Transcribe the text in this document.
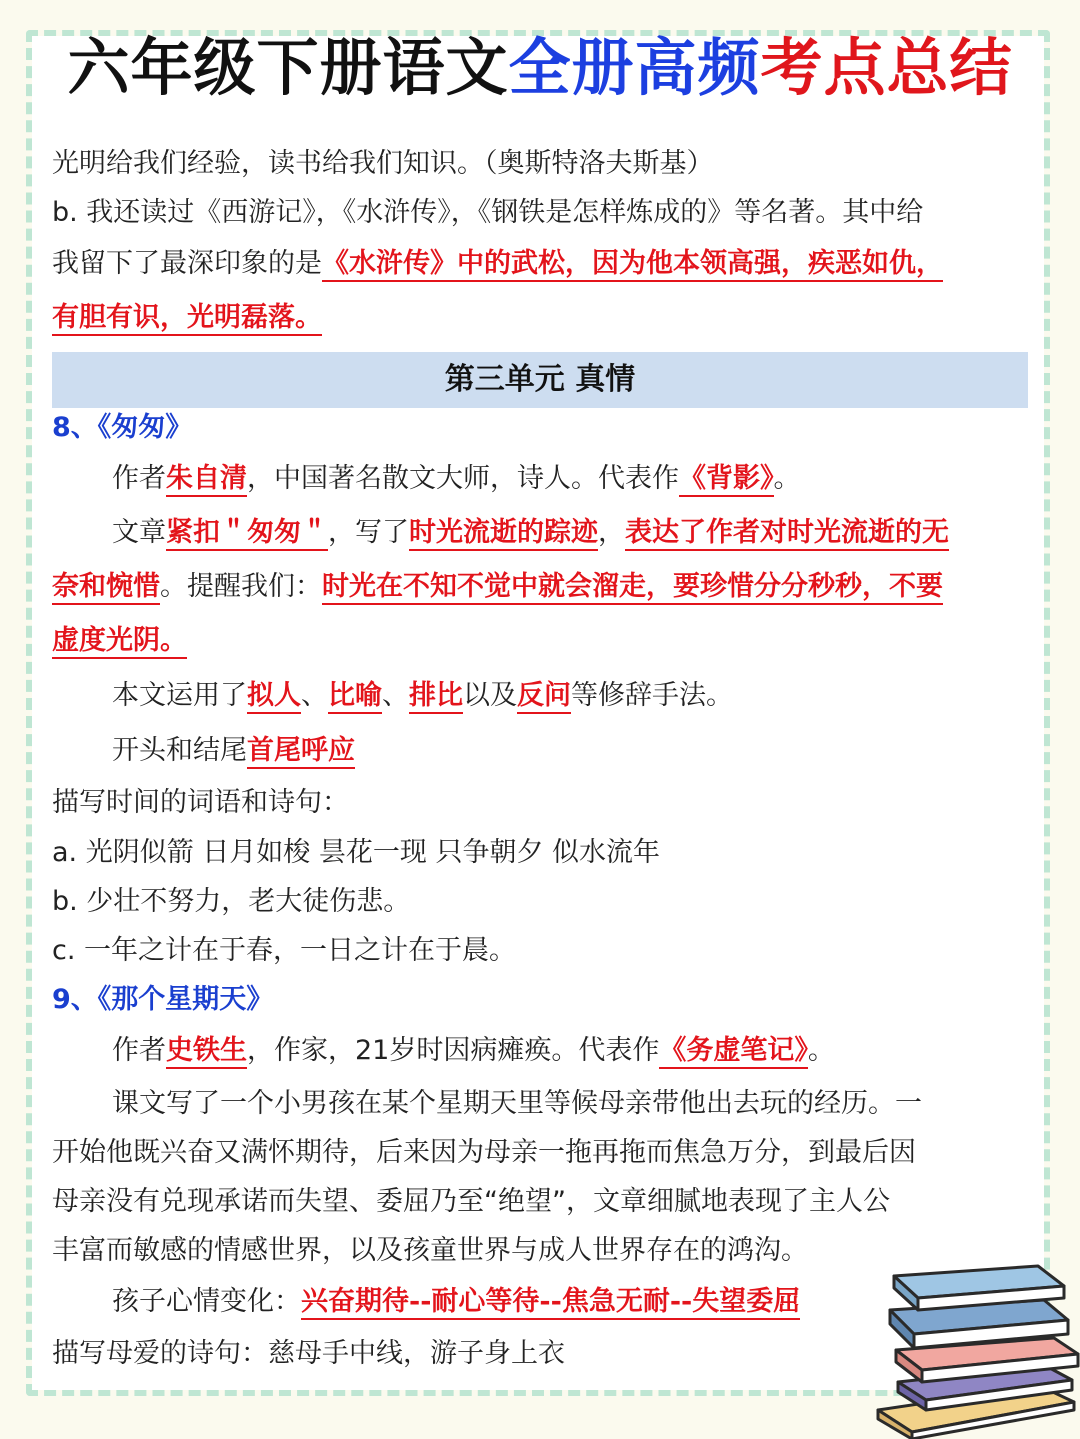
六年级下册语文全册高频考点总结
光明给我们经验，读书给我们知识。（奥斯特洛夫斯基）
b. 我还读过《西游记》，《水浒传》，《钢铁是怎样炼成的》等名著。其中给
我留下了最深印象的是《水浒传》中的武松，因为他本领高强，疾恶如仇，
有胆有识，光明磊落。
第三单元 真情
8、《匆匆》
作者朱自清，中国著名散文大师，诗人。代表作《背影》。
文章紧扣＂匆匆＂，写了时光流逝的踪迹，表达了作者对时光流逝的无
奈和惋惜。提醒我们：时光在不知不觉中就会溜走，要珍惜分分秒秒，不要
虚度光阴。
本文运用了拟人、比喻、排比以及反问等修辞手法。
开头和结尾首尾呼应
描写时间的词语和诗句：
a. 光阴似箭 日月如梭 昙花一现 只争朝夕 似水流年
b. 少壮不努力，老大徒伤悲。
c. 一年之计在于春，一日之计在于晨。
9、《那个星期天》
作者史铁生，作家，21岁时因病瘫痪。代表作《务虚笔记》。
课文写了一个小男孩在某个星期天里等候母亲带他出去玩的经历。一
开始他既兴奋又满怀期待，后来因为母亲一拖再拖而焦急万分，到最后因
母亲没有兑现承诺而失望、委屈乃至“绝望”，文章细腻地表现了主人公
丰富而敏感的情感世界，以及孩童世界与成人世界存在的鸿沟。
孩子心情变化：兴奋期待--耐心等待--焦急无耐--失望委屈
描写母爱的诗句：慈母手中线，游子身上衣
